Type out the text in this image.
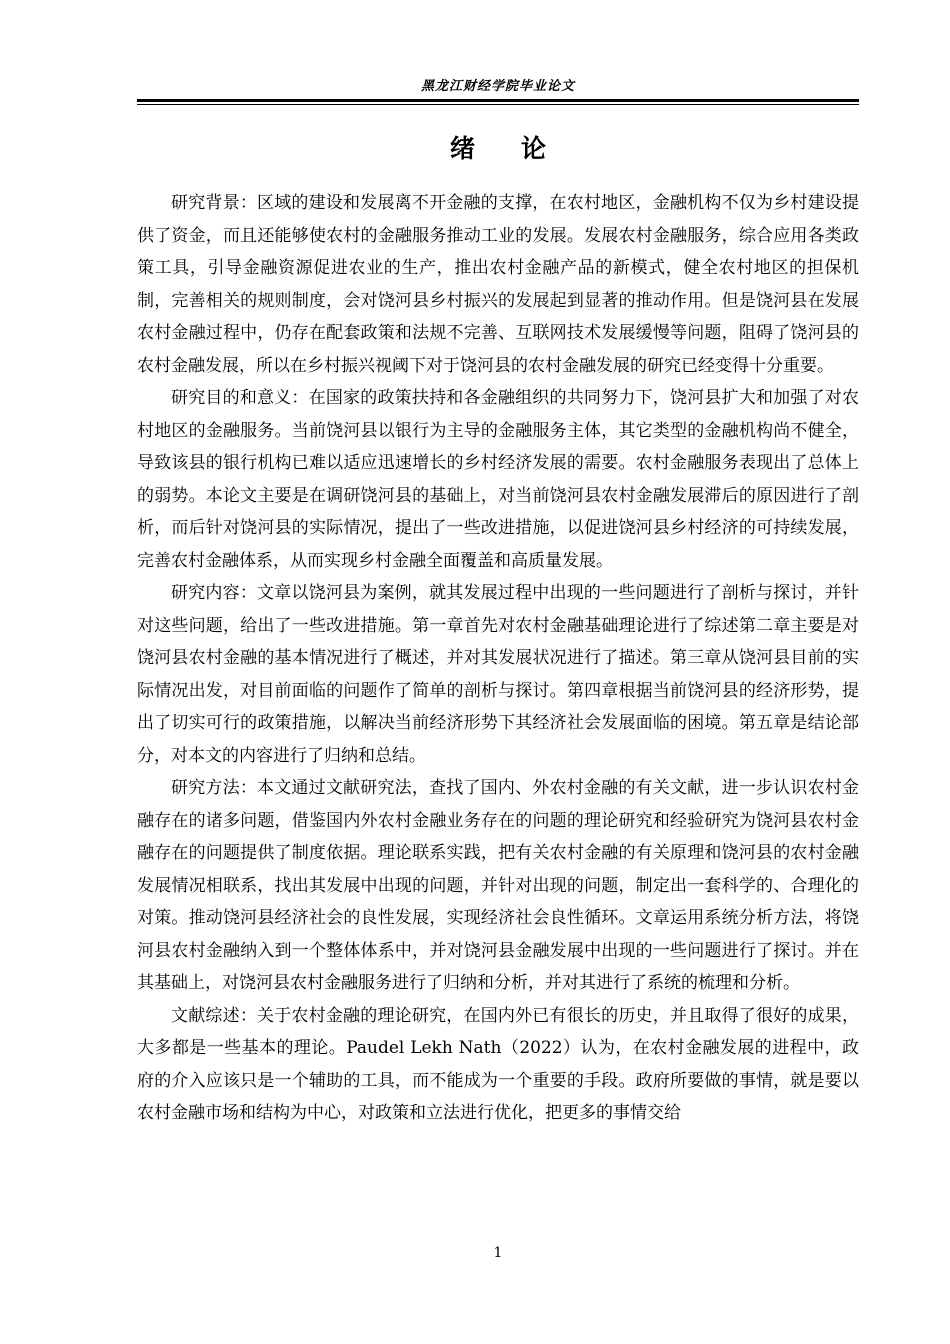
黑龙江财经学院毕业论文
绪 论

研究背景：区域的建设和发展离不开金融的支撑，在农村地区，金融机构不仅为乡村建设提供了资金，而且还能够使农村的金融服务推动工业的发展。发展农村金融服务，综合应用各类政策工具，引导金融资源促进农业的生产，推出农村金融产品的新模式，健全农村地区的担保机制，完善相关的规则制度，会对饶河县乡村振兴的发展起到显著的推动作用。但是饶河县在发展农村金融过程中，仍存在配套政策和法规不完善、互联网技术发展缓慢等问题，阻碍了饶河县的农村金融发展，所以在乡村振兴视阈下对于饶河县的农村金融发展的研究已经变得十分重要。

研究目的和意义：在国家的政策扶持和各金融组织的共同努力下，饶河县扩大和加强了对农村地区的金融服务。当前饶河县以银行为主导的金融服务主体，其它类型的金融机构尚不健全，导致该县的银行机构已难以适应迅速增长的乡村经济发展的需要。农村金融服务表现出了总体上的弱势。本论文主要是在调研饶河县的基础上，对当前饶河县农村金融发展滞后的原因进行了剖析，而后针对饶河县的实际情况，提出了一些改进措施，以促进饶河县乡村经济的可持续发展，完善农村金融体系，从而实现乡村金融全面覆盖和高质量发展。

研究内容：文章以饶河县为案例，就其发展过程中出现的一些问题进行了剖析与探讨，并针对这些问题，给出了一些改进措施。第一章首先对农村金融基础理论进行了综述第二章主要是对饶河县农村金融的基本情况进行了概述，并对其发展状况进行了描述。第三章从饶河县目前的实际情况出发，对目前面临的问题作了简单的剖析与探讨。第四章根据当前饶河县的经济形势，提出了切实可行的政策措施，以解决当前经济形势下其经济社会发展面临的困境。第五章是结论部分，对本文的内容进行了归纳和总结。

研究方法：本文通过文献研究法，查找了国内、外农村金融的有关文献，进一步认识农村金融存在的诸多问题，借鉴国内外农村金融业务存在的问题的理论研究和经验研究为饶河县农村金融存在的问题提供了制度依据。理论联系实践，把有关农村金融的有关原理和饶河县的农村金融发展情况相联系，找出其发展中出现的问题，并针对出现的问题，制定出一套科学的、合理化的对策。推动饶河县经济社会的良性发展，实现经济社会良性循环。文章运用系统分析方法，将饶河县农村金融纳入到一个整体体系中，并对饶河县金融发展中出现的一些问题进行了探讨。并在其基础上，对饶河县农村金融服务进行了归纳和分析，并对其进行了系统的梳理和分析。

文献综述：关于农村金融的理论研究，在国内外已有很长的历史，并且取得了很好的成果，大多都是一些基本的理论。Paudel Lekh Nath（2022）认为，在农村金融发展的进程中，政府的介入应该只是一个辅助的工具，而不能成为一个重要的手段。政府所要做的事情，就是要以农村金融市场和结构为中心，对政策和立法进行优化，把更多的事情交给

1
